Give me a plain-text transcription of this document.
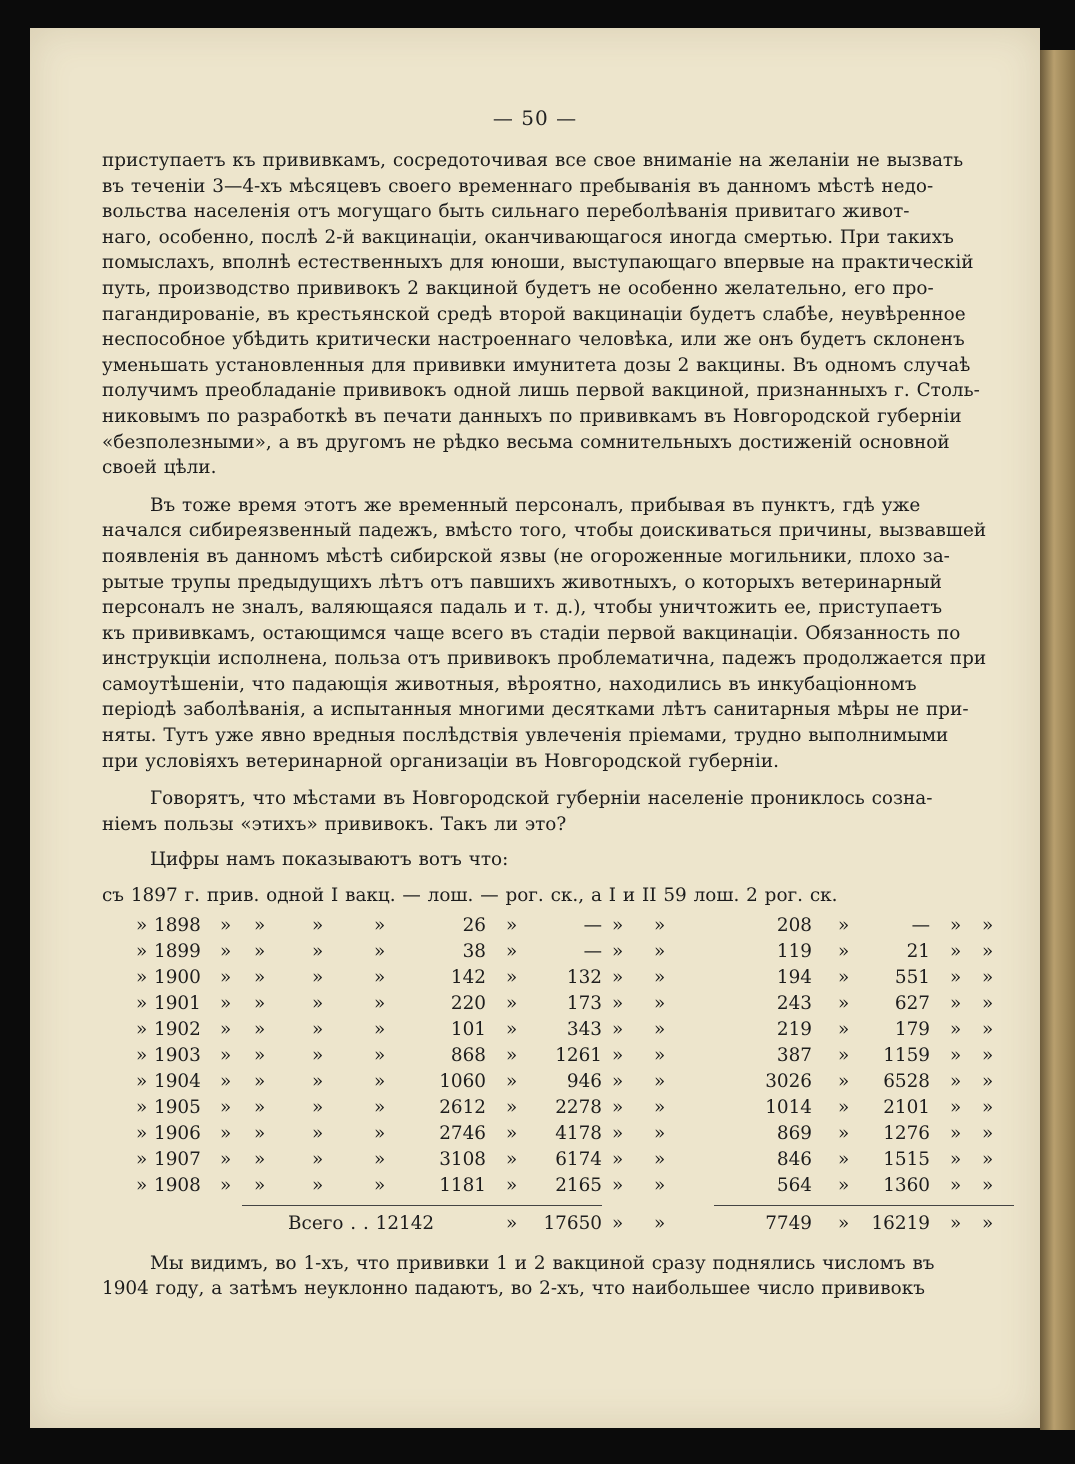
— 50 —
приступаетъ къ прививкамъ, сосредоточивая все свое вниманіе на желаніи не вызвать
въ теченіи 3—4-хъ мѣсяцевъ своего временнаго пребыванія въ данномъ мѣстѣ недо-
вольства населенія отъ могущаго быть сильнаго переболѣванія привитаго живот-
наго, особенно, послѣ 2-й вакцинаціи, оканчивающагося иногда смертью. При такихъ
помыслахъ, вполнѣ естественныхъ для юноши, выступающаго впервые на практическій
путь, производство прививокъ 2 вакциной будетъ не особенно желательно, его про-
пагандированіе, въ крестьянской средѣ второй вакцинаціи будетъ слабѣе, неувѣренное
неспособное убѣдить критически настроеннаго человѣка, или же онъ будетъ склоненъ
уменьшать установленныя для прививки имунитета дозы 2 вакцины. Въ одномъ случаѣ
получимъ преобладаніе прививокъ одной лишь первой вакциной, признанныхъ г. Столь-
никовымъ по разработкѣ въ печати данныхъ по прививкамъ въ Новгородской губерніи
«безполезными», а въ другомъ не рѣдко весьма сомнительныхъ достиженій основной
своей цѣли.
Въ тоже время этотъ же временный персоналъ, прибывая въ пунктъ, гдѣ уже
начался сибиреязвенный падежъ, вмѣсто того, чтобы доискиваться причины, вызвавшей
появленія въ данномъ мѣстѣ сибирской язвы (не огороженные могильники, плохо за-
рытые трупы предыдущихъ лѣтъ отъ павшихъ животныхъ, о которыхъ ветеринарный
персоналъ не зналъ, валяющаяся падаль и т. д.), чтобы уничтожить ее, приступаетъ
къ прививкамъ, остающимся чаще всего въ стадіи первой вакцинаціи. Обязанность по
инструкціи исполнена, польза отъ прививокъ проблематична, падежъ продолжается при
самоутѣшеніи, что падающія животныя, вѣроятно, находились въ инкубаціонномъ
періодѣ заболѣванія, а испытанныя многими десятками лѣтъ санитарныя мѣры не при-
няты. Тутъ уже явно вредныя послѣдствія увлеченія пріемами, трудно выполнимыми
при условіяхъ ветеринарной организаціи въ Новгородской губерніи.
Говорятъ, что мѣстами въ Новгородской губерніи населеніе прониклось созна-
ніемъ пользы «этихъ» прививокъ. Такъ ли это?
Цифры намъ показываютъ вотъ что:
съ 1897 г. прив. одной I вакц. — лош. — рог. ск., а I и II 59 лош. 2 рог. ск.
» 1898	» »	»	»	26 »	— » »	208 »	— » »
» 1899	» »	»	»	38 »	— » »	119 »	21 » »
» 1900	» »	»	»	142 »	132 » »	194 »	551 » »
» 1901	» »	»	»	220 »	173 » »	243 »	627 » »
» 1902	» »	»	»	101 »	343 » »	219 »	179 » »
» 1903	» »	»	»	868 »	1261 » »	387 »	1159 » »
» 1904	» »	»	»	1060 »	946 » »	3026 »	6528 » »
» 1905	» »	»	»	2612 »	2278 » »	1014 »	2101 » »
» 1906	» »	»	»	2746 »	4178 » »	869 »	1276 » »
» 1907	» »	»	»	3108 »	6174 » »	846 »	1515 » »
» 1908	» »	»	»	1181 »	2165 » »	564 »	1360 » »
Всего . . 12142	»	17650 » »	7749 »	16219 » »
Мы видимъ, во 1-хъ, что прививки 1 и 2 вакциной сразу поднялись числомъ въ
1904 году, а затѣмъ неуклонно падаютъ, во 2-хъ, что наибольшее число прививокъ
